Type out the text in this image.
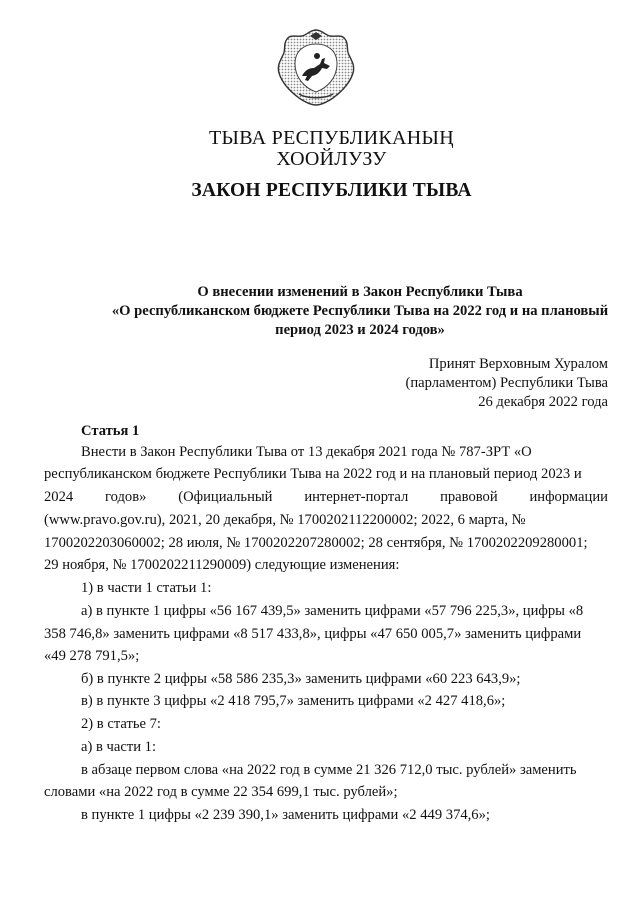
ТЫВА РЕСПУБЛИКАНЫҢ
ХООЙЛУЗУ
ЗАКОН РЕСПУБЛИКИ ТЫВА
О внесении изменений в Закон Республики Тыва
«О республиканском бюджете Республики Тыва на 2022 год и на плановый
период 2023 и 2024 годов»
Принят Верховным Хуралом
(парламентом) Республики Тыва
26 декабря 2022 года
Статья 1
Внести в Закон Республики Тыва от 13 декабря 2021 года № 787-ЗРТ «О
республиканском бюджете Республики Тыва на 2022 год и на плановый период 2023 и
2024 годов» (Официальный интернет-портал правовой информации
(www.pravo.gov.ru), 2021, 20 декабря, № 1700202112200002; 2022, 6 марта, №
1700202203060002; 28 июля, № 1700202207280002; 28 сентября, № 1700202209280001;
29 ноября, № 1700202211290009) следующие изменения:
1) в части 1 статьи 1:
а) в пункте 1 цифры «56 167 439,5» заменить цифрами «57 796 225,3», цифры «8
358 746,8» заменить цифрами «8 517 433,8», цифры «47 650 005,7» заменить цифрами
«49 278 791,5»;
б) в пункте 2 цифры «58 586 235,3» заменить цифрами «60 223 643,9»;
в) в пункте 3 цифры «2 418 795,7» заменить цифрами «2 427 418,6»;
2) в статье 7:
а) в части 1:
в абзаце первом слова «на 2022 год в сумме 21 326 712,0 тыс. рублей» заменить
словами «на 2022 год в сумме 22 354 699,1 тыс. рублей»;
в пункте 1 цифры «2 239 390,1» заменить цифрами «2 449 374,6»;
